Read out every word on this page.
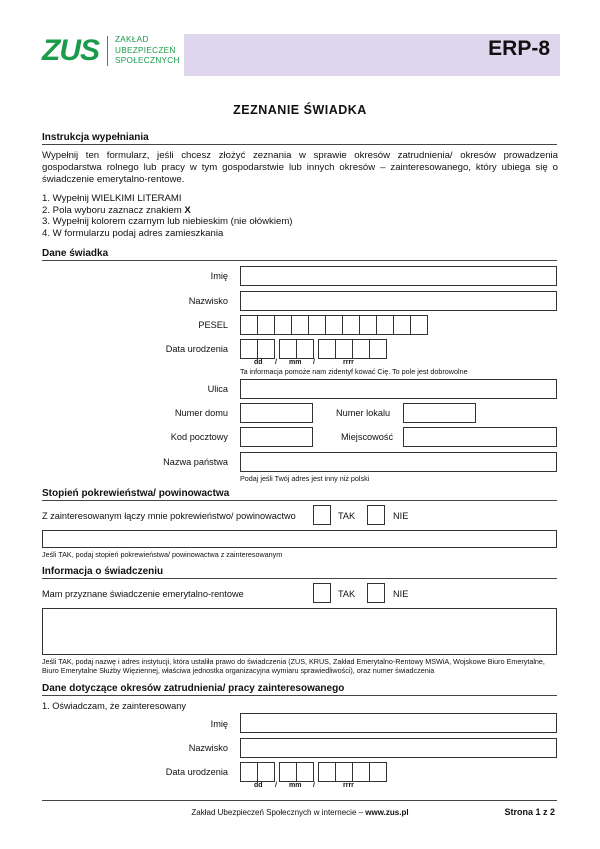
ZUS ZAKŁAD
UBEZPIECZEŃ
SPOŁECZNYCH
ERP-8
ZEZNANIE ŚWIADKA
Instrukcja wypełniania
Wypełnij ten formularz, jeśli chcesz złożyć zeznania w sprawie okresów zatrudnienia/ okresów prowadzenia gospodarstwa rolnego lub pracy w tym gospodarstwie lub innych okresów – zainteresowanego, który ubiega się o świadczenie emerytalno-rentowe.
1. Wypełnij WIELKIMI LITERAMI
2. Pola wyboru zaznacz znakiem X
3. Wypełnij kolorem czarnym lub niebieskim (nie ołówkiem)
4. W formularzu podaj adres zamieszkania
Dane świadka
Imię
Nazwisko
PESEL
Data urodzenia
dd / mm /	rrrr
Ta informacja pomoże nam zidentyf kować Cię. To pole jest dobrowolne
Ulica
Numer domu	Numer lokalu
Kod pocztowy	Miejscowość
Nazwa państwa
Podaj jeśli Twój adres jest inny niż polski
Stopień pokrewieństwa/ powinowactwa
Z zainteresowanym łączy mnie pokrewieństwo/ powinowactwo	TAK	NIE
Jeśli TAK, podaj stopień pokrewieństwa/ powinowactwa z zainteresowanym
Informacja o świadczeniu
Mam przyznane świadczenie emerytalno-rentowe	TAK	NIE
Jeśli TAK, podaj nazwę i adres instytucji, która ustaliła prawo do świadczenia (ZUS, KRUS, Zakład Emerytalno-Rentowy MSWiA, Wojskowe Biuro Emerytalne, Biuro Emerytalne Służby Więziennej, właściwa jednostka organizacyjna wymiaru sprawiedliwości), oraz numer świadczenia
Dane dotyczące okresów zatrudnienia/ pracy zainteresowanego
1. Oświadczam, że zainteresowany
Imię
Nazwisko
Data urodzenia
dd / mm /	rrrr
Zakład Ubezpieczeń Społecznych w internecie – www.zus.pl	Strona 1 z 2
